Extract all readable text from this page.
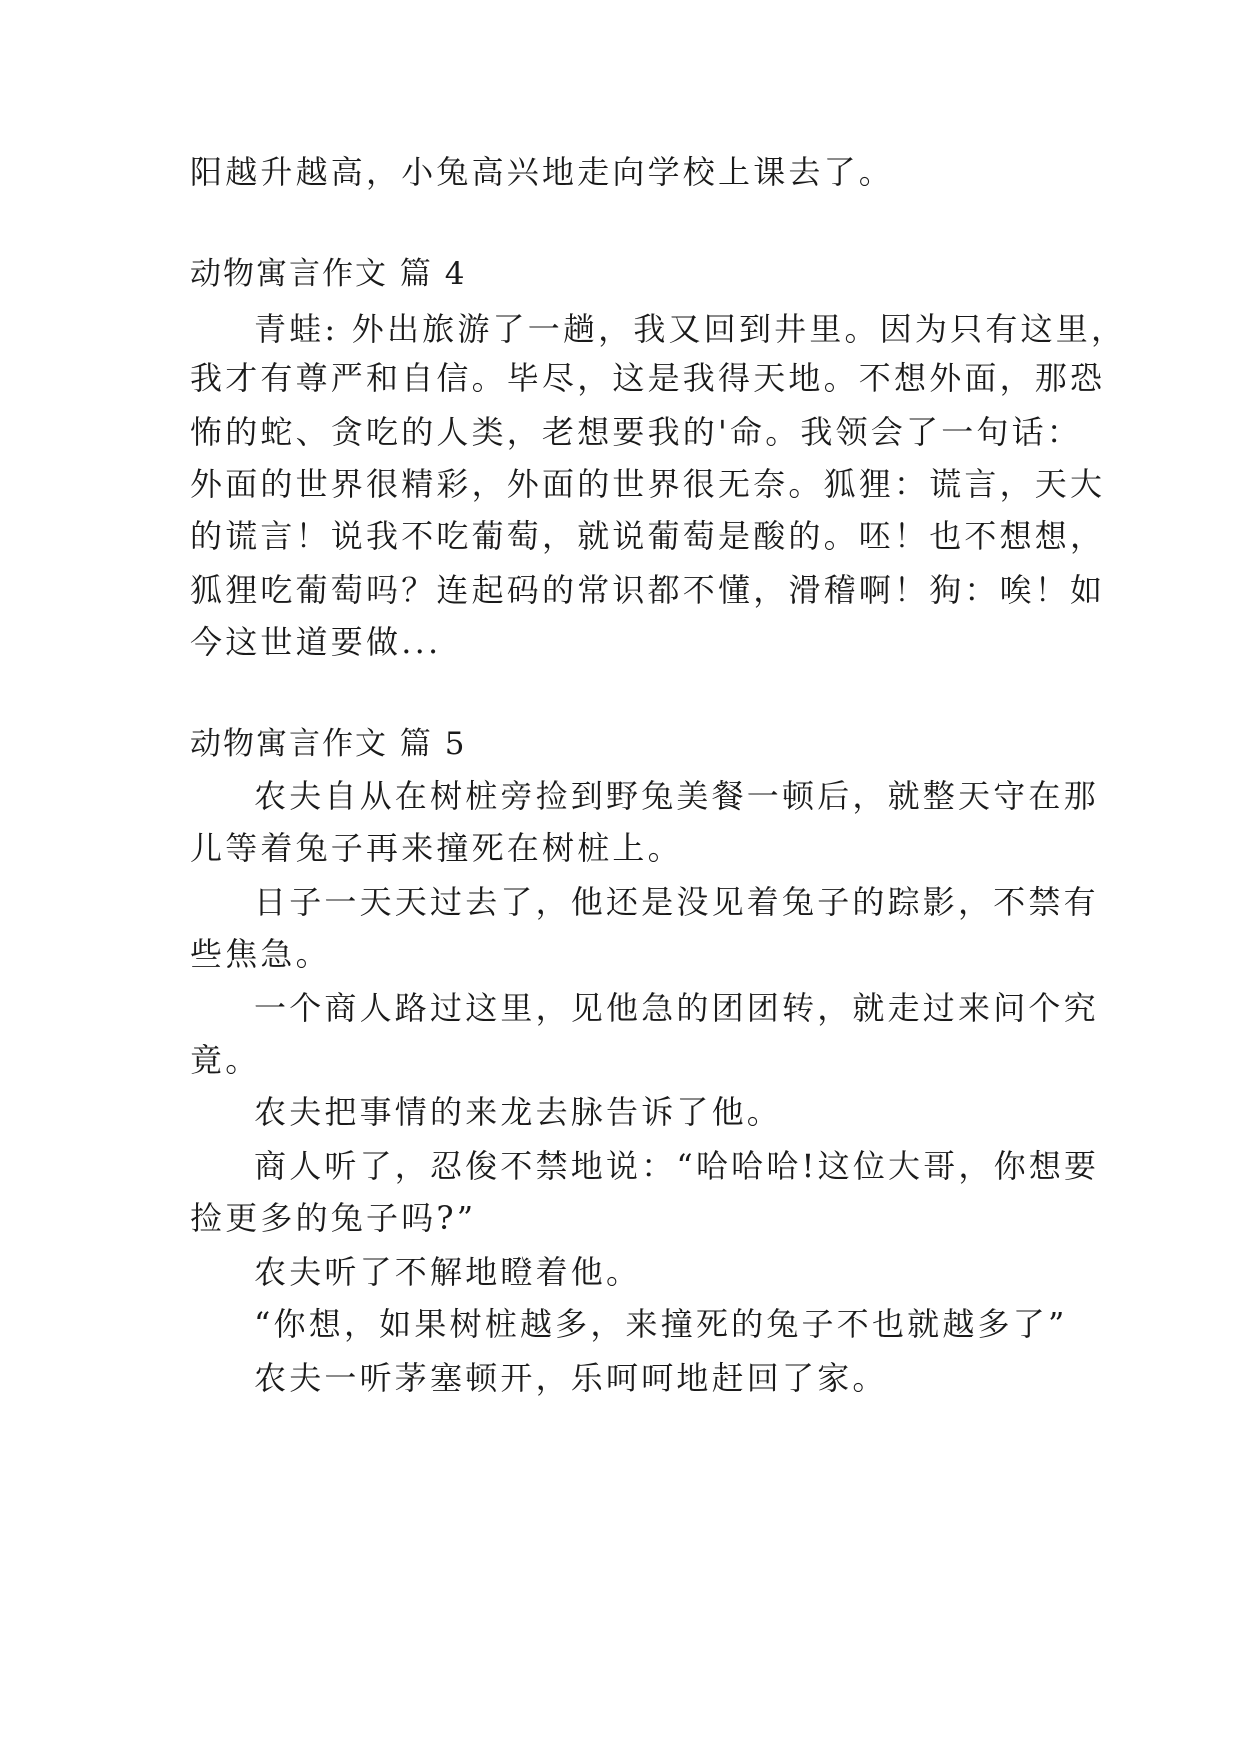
阳越升越高，小兔高兴地走向学校上课去了。
动物寓言作文 篇 4
青蛙: 外出旅游了一趟，我又回到井里。因为只有这里，
我才有尊严和自信。毕尽，这是我得天地。不想外面，那恐
怖的蛇、贪吃的人类，老想要我的'命。我领会了一句话：
外面的世界很精彩，外面的世界很无奈。狐狸：谎言，天大
的谎言！说我不吃葡萄，就说葡萄是酸的。呸！也不想想，
狐狸吃葡萄吗？连起码的常识都不懂，滑稽啊！狗：唉！如
今这世道要做...
动物寓言作文 篇 5
农夫自从在树桩旁捡到野兔美餐一顿后，就整天守在那
儿等着兔子再来撞死在树桩上。
日子一天天过去了，他还是没见着兔子的踪影，不禁有
些焦急。
一个商人路过这里，见他急的团团转，就走过来问个究
竟。
农夫把事情的来龙去脉告诉了他。
商人听了，忍俊不禁地说：“哈哈哈!这位大哥，你想要
捡更多的兔子吗?”
农夫听了不解地瞪着他。
“你想，如果树桩越多，来撞死的兔子不也就越多了”
农夫一听茅塞顿开，乐呵呵地赶回了家。
